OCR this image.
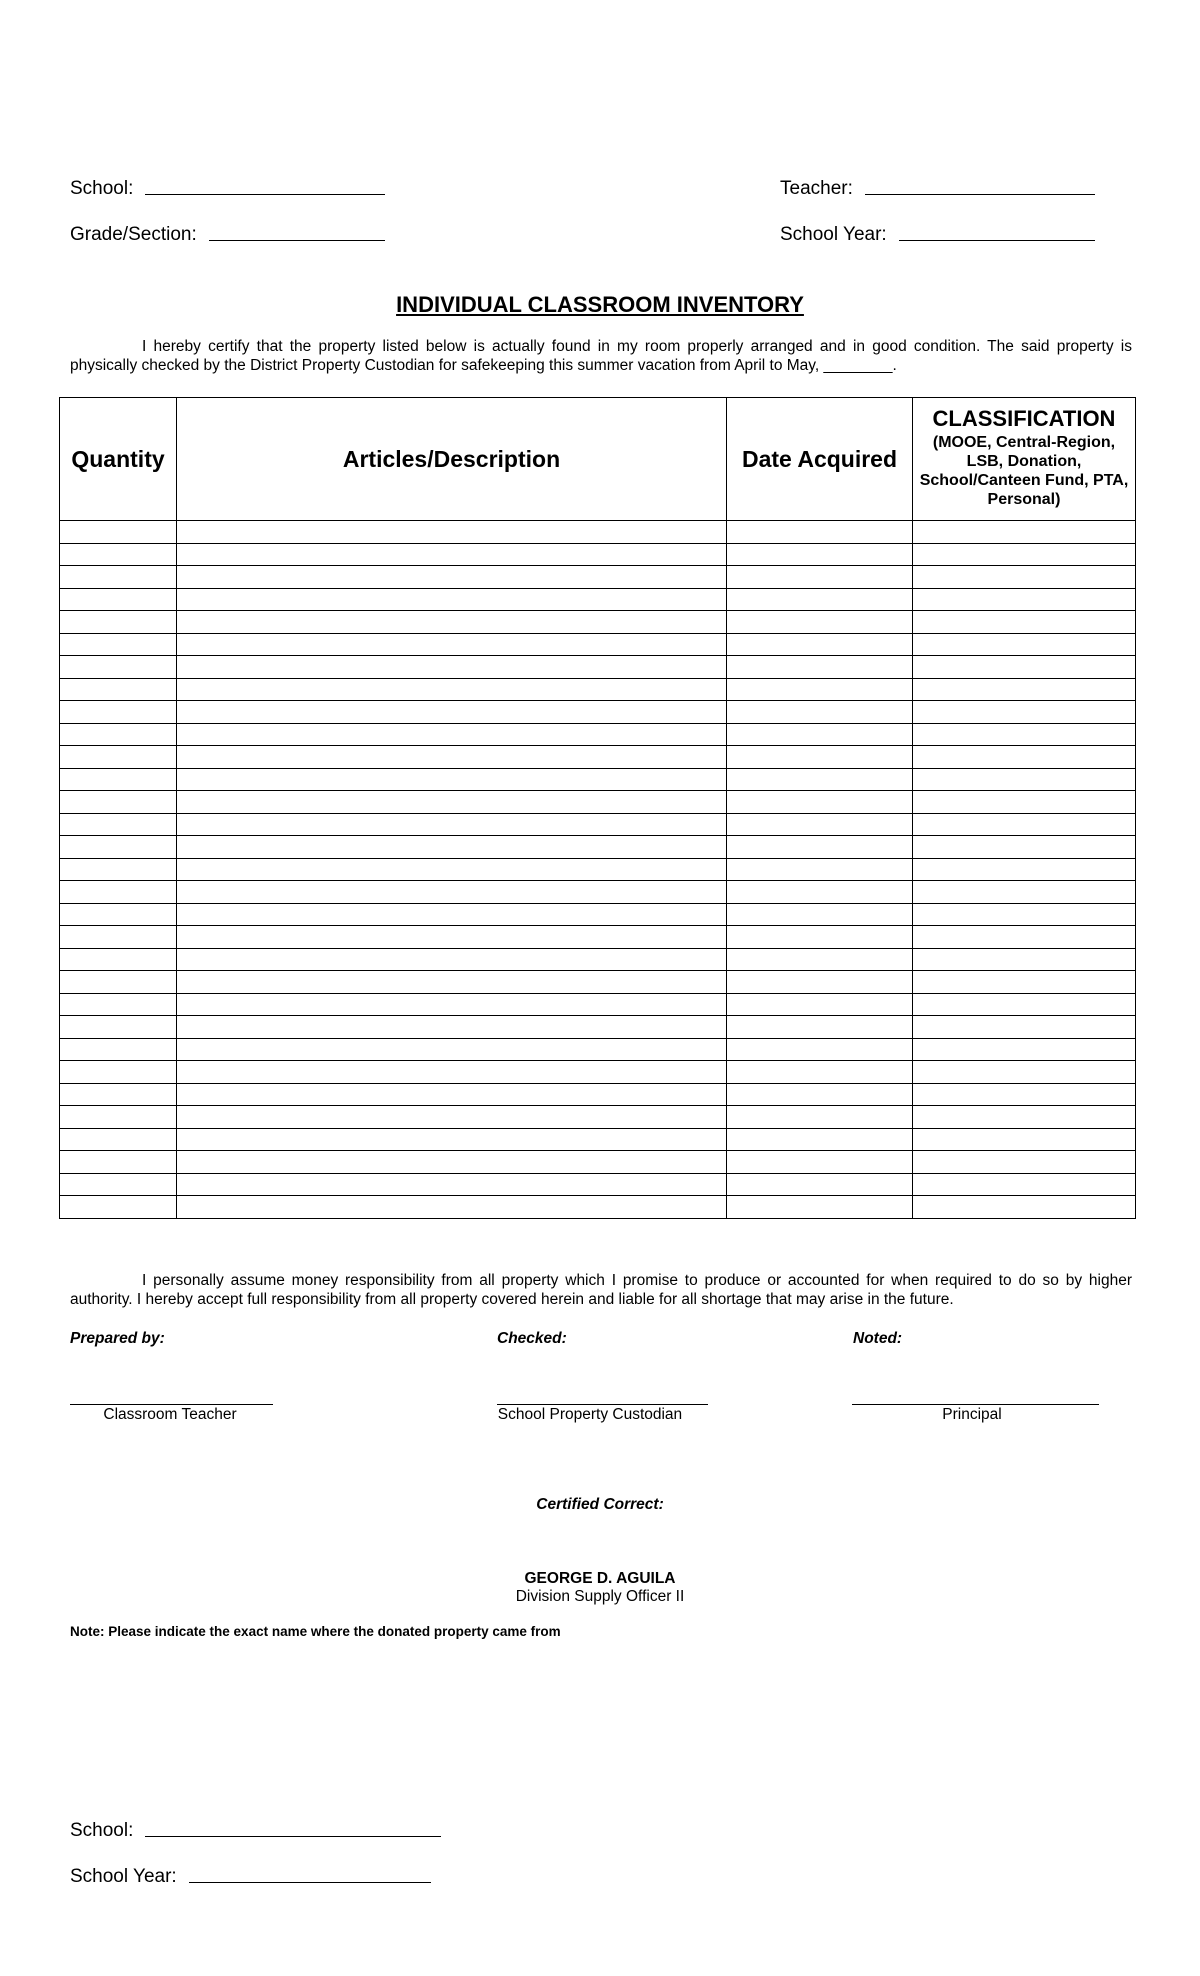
School:	Teacher:
Grade/Section:	School Year:
INDIVIDUAL CLASSROOM INVENTORY
I hereby certify that the property listed below is actually found in my room properly arranged and in good condition. The said property is physically checked by the District Property Custodian for safekeeping this summer vacation from April to May, ________.
Quantity	Articles/Description	Date Acquired	CLASSIFICATION
(MOOE, Central-Region, LSB, Donation, School/Canteen Fund, PTA, Personal)

I personally assume money responsibility from all property which I promise to produce or accounted for when required to do so by higher authority. I hereby accept full responsibility from all property covered herein and liable for all shortage that may arise in the future.
Prepared by:	Checked:	Noted:
Classroom Teacher	School Property Custodian	Principal
Certified Correct:
GEORGE D. AGUILA
Division Supply Officer II
Note: Please indicate the exact name where the donated property came from
School:
School Year:
